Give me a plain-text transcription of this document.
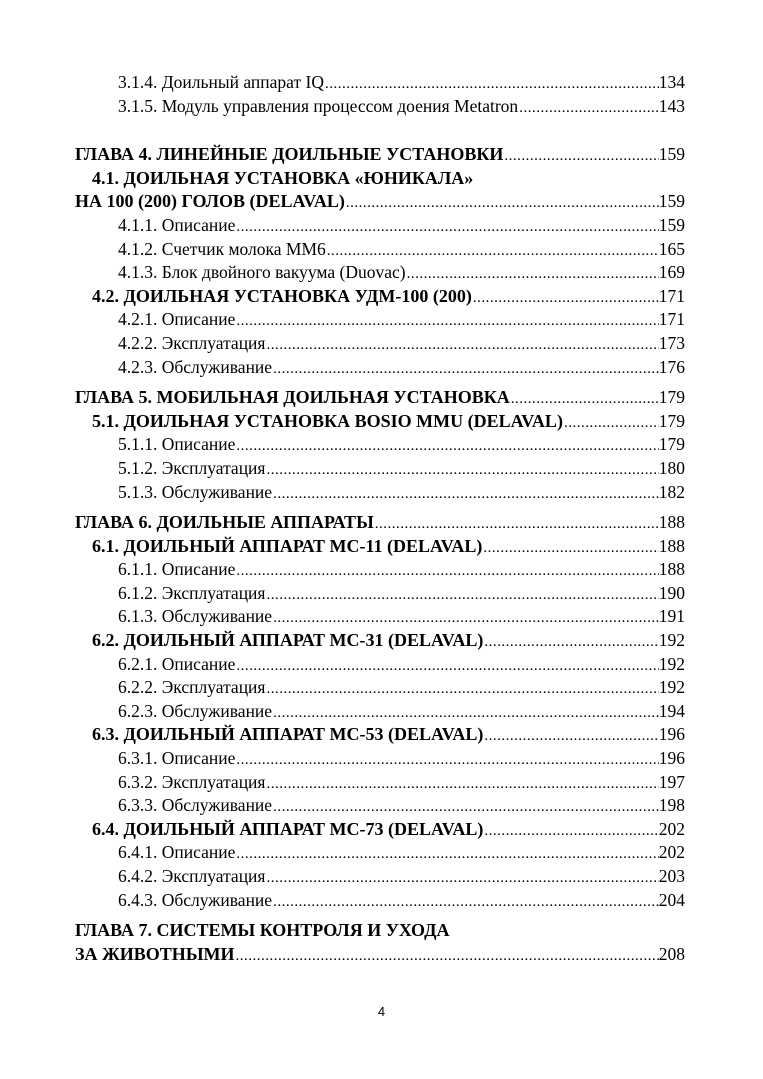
3.1.4. Доильный аппарат IQ .....	134
3.1.5. Модуль управления процессом доения Metatron .....	143
ГЛАВА 4. ЛИНЕЙНЫЕ ДОИЛЬНЫЕ УСТАНОВКИ .....	159
4.1. ДОИЛЬНАЯ УСТАНОВКА «ЮНИКАЛА»
НА 100 (200) ГОЛОВ (DELAVAL) .....	159
4.1.1. Описание .....	159
4.1.2. Счетчик молока ММ6 .....	165
4.1.3. Блок двойного вакуума (Duovac) .....	169
4.2. ДОИЛЬНАЯ УСТАНОВКА УДМ-100 (200) .....	171
4.2.1. Описание .....	171
4.2.2. Эксплуатация .....	173
4.2.3. Обслуживание .....	176
ГЛАВА 5. МОБИЛЬНАЯ ДОИЛЬНАЯ УСТАНОВКА .....	179
5.1. ДОИЛЬНАЯ УСТАНОВКА BOSIO MMU (DELAVAL) .....	179
5.1.1. Описание .....	179
5.1.2. Эксплуатация .....	180
5.1.3. Обслуживание .....	182
ГЛАВА 6. ДОИЛЬНЫЕ АППАРАТЫ .....	188
6.1. ДОИЛЬНЫЙ АППАРАТ МС-11 (DELAVAL) .....	188
6.1.1. Описание .....	188
6.1.2. Эксплуатация .....	190
6.1.3. Обслуживание .....	191
6.2. ДОИЛЬНЫЙ АППАРАТ МС-31 (DELAVAL) .....	192
6.2.1. Описание .....	192
6.2.2. Эксплуатация .....	192
6.2.3. Обслуживание .....	194
6.3. ДОИЛЬНЫЙ АППАРАТ МС-53 (DELAVAL) .....	196
6.3.1. Описание .....	196
6.3.2. Эксплуатация .....	197
6.3.3. Обслуживание .....	198
6.4. ДОИЛЬНЫЙ АППАРАТ МС-73 (DELAVAL) .....	202
6.4.1. Описание .....	202
6.4.2. Эксплуатация .....	203
6.4.3. Обслуживание .....	204
ГЛАВА 7. СИСТЕМЫ КОНТРОЛЯ И УХОДА
ЗА ЖИВОТНЫМИ .....	208
4
